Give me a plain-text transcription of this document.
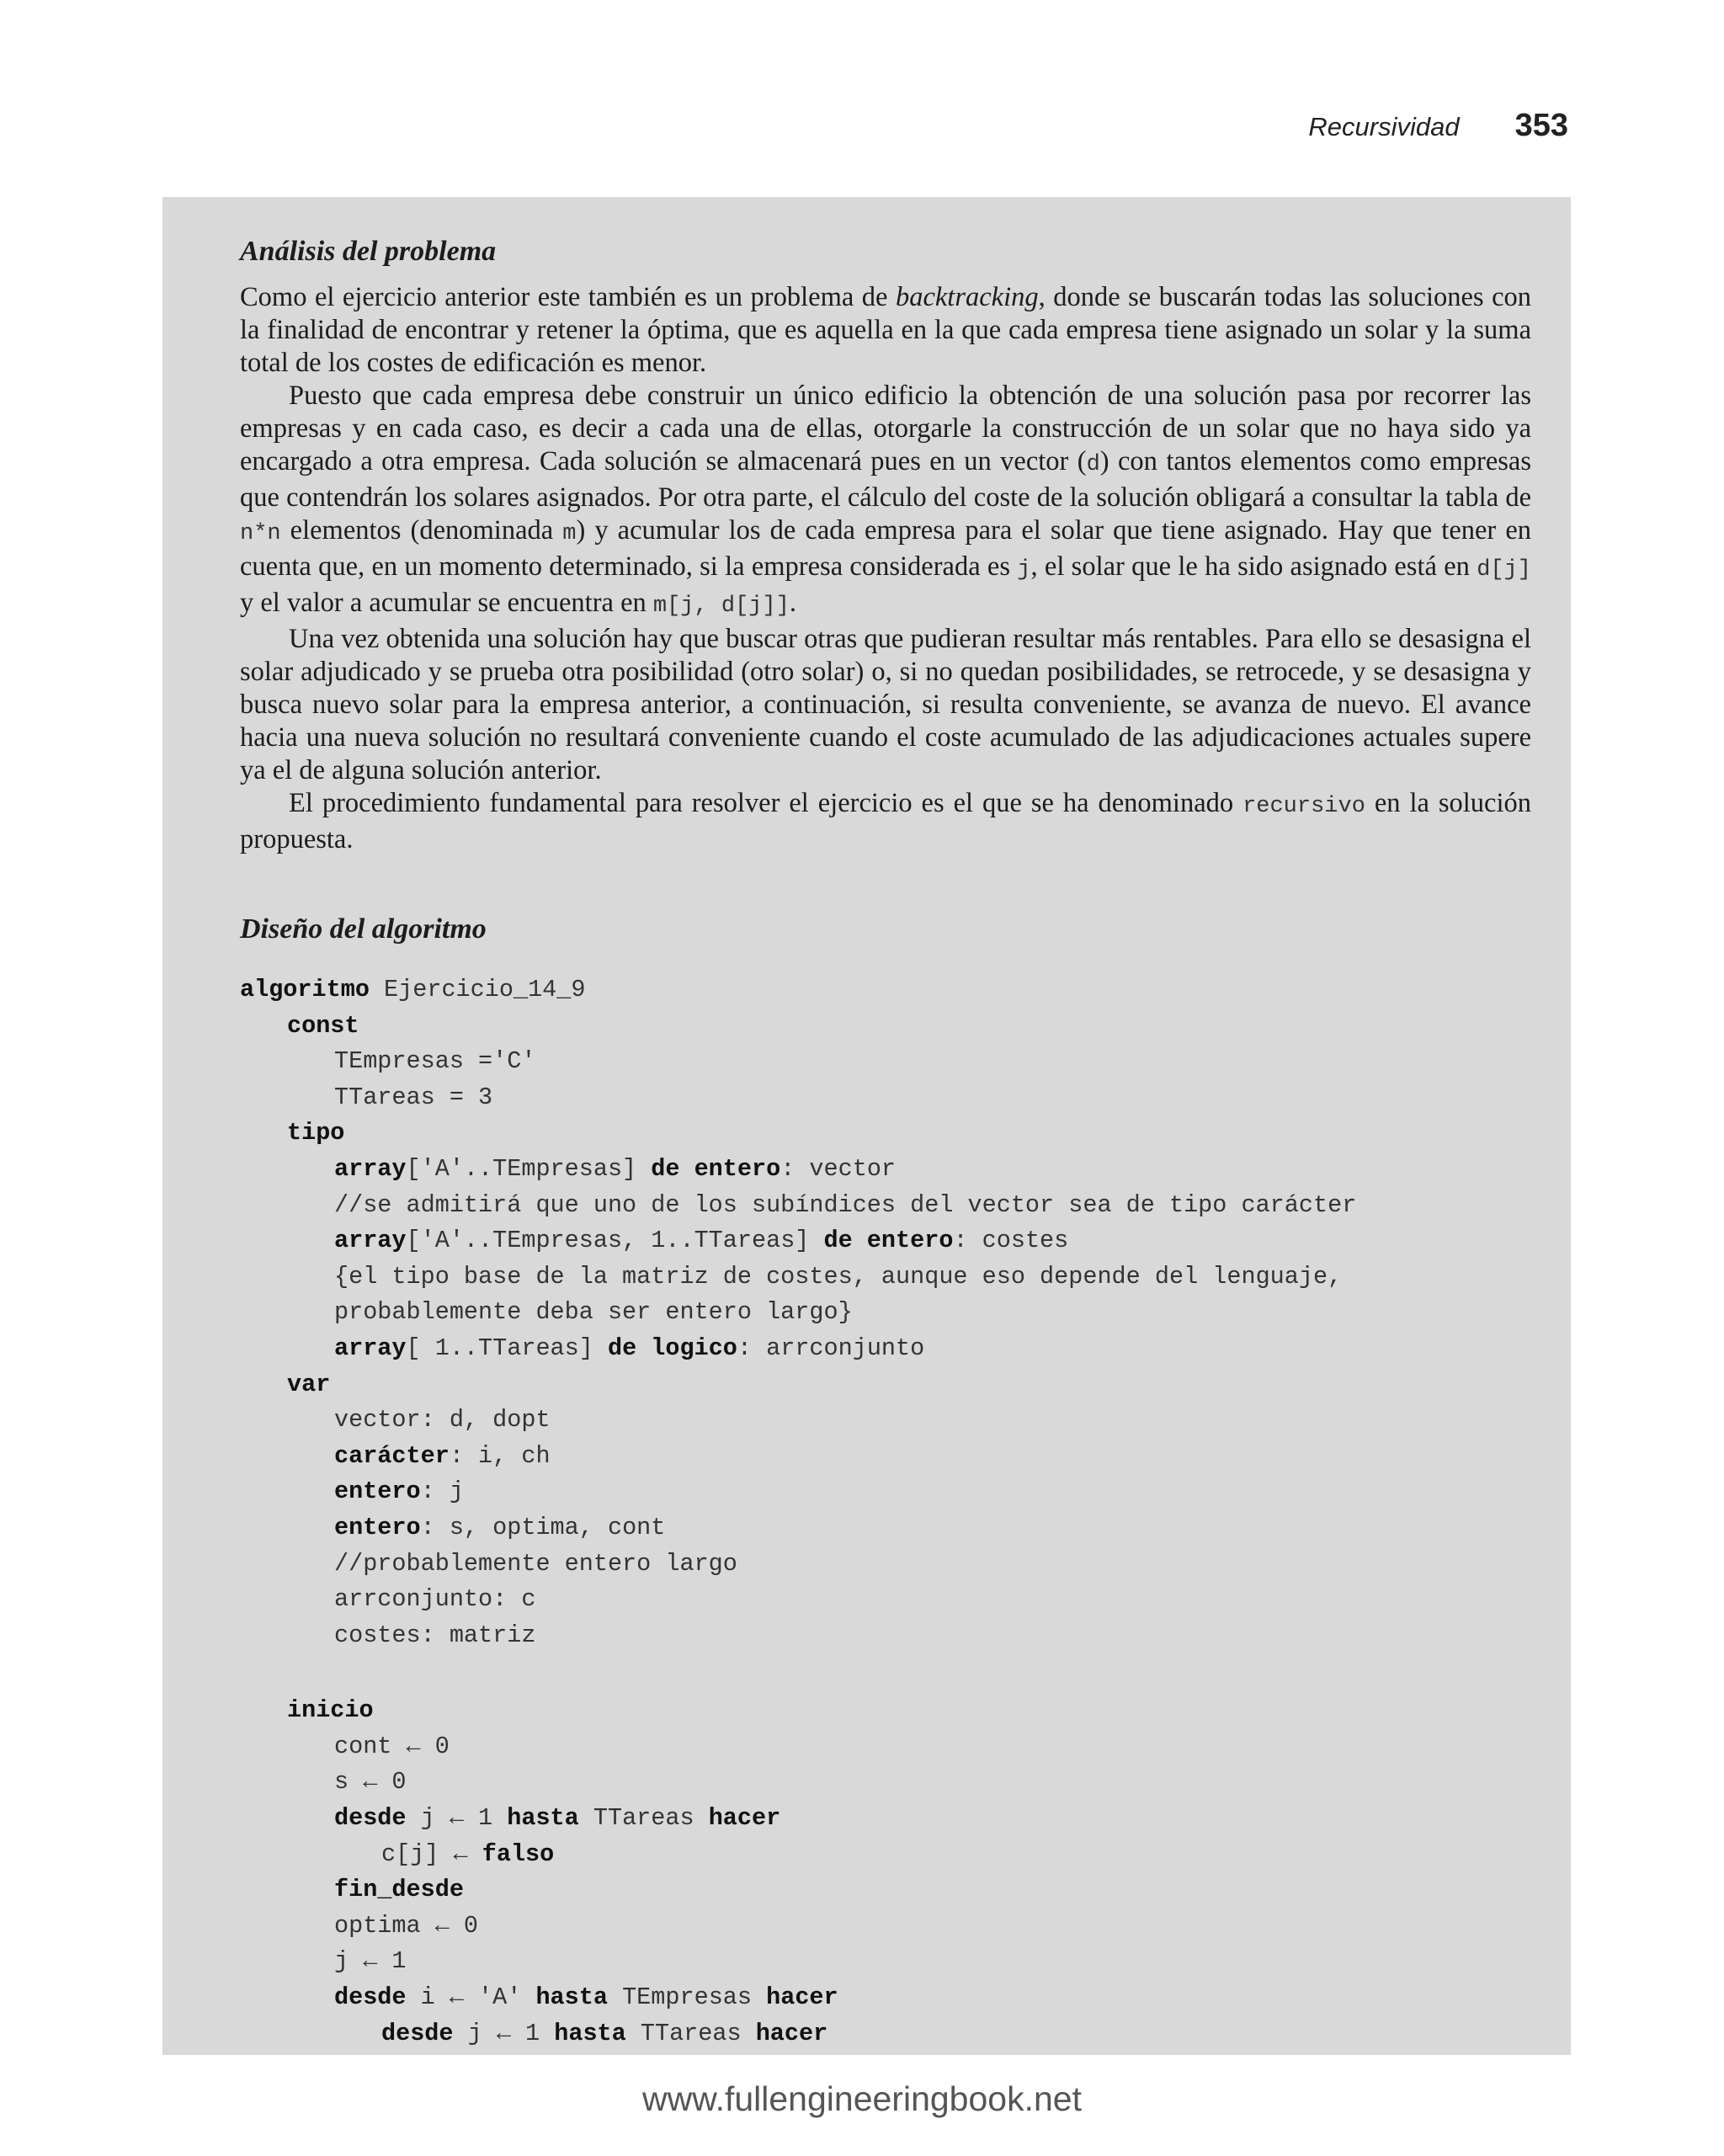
Recursividad 353
Análisis del problema

Como el ejercicio anterior este también es un problema de backtracking, donde se buscarán todas las soluciones con la finalidad de encontrar y retener la óptima, que es aquella en la que cada empresa tiene asignado un solar y la suma total de los costes de edificación es menor.

Puesto que cada empresa debe construir un único edificio la obtención de una solución pasa por recorrer las empresas y en cada caso, es decir a cada una de ellas, otorgarle la construcción de un solar que no haya sido ya encargado a otra empresa. Cada solución se almacenará pues en un vector (d) con tantos elementos como empresas que contendrán los solares asignados. Por otra parte, el cálculo del coste de la solución obligará a consultar la tabla de n*n elementos (denominada m) y acumular los de cada empresa para el solar que tiene asignado. Hay que tener en cuenta que, en un momento determinado, si la empresa considerada es j, el solar que le ha sido asignado está en d[j] y el valor a acumular se encuentra en m[j, d[j]].

Una vez obtenida una solución hay que buscar otras que pudieran resultar más rentables. Para ello se desasigna el solar adjudicado y se prueba otra posibilidad (otro solar) o, si no quedan posibilidades, se retrocede, y se desasigna y busca nuevo solar para la empresa anterior, a continuación, si resulta conveniente, se avanza de nuevo. El avance hacia una nueva solución no resultará conveniente cuando el coste acumulado de las adjudicaciones actuales supere ya el de alguna solución anterior.

El procedimiento fundamental para resolver el ejercicio es el que se ha denominado recursivo en la solución propuesta.

Diseño del algoritmo
algoritmo Ejercicio_14_9
const
TEmpresas ='C'
TTareas = 3
tipo
array['A'..TEmpresas] de entero: vector
//se admitirá que uno de los subíndices del vector sea de tipo carácter
array['A'..TEmpresas, 1..TTareas] de entero: costes
{el tipo base de la matriz de costes, aunque eso depende del lenguaje,
probablemente deba ser entero largo}
array[ 1..TTareas] de logico: arrconjunto
var
vector: d, dopt
carácter: i, ch
entero: j
entero: s, optima, cont
//probablemente entero largo
arrconjunto: c
costes: matriz
inicio
cont ← 0
s ← 0
desde j ← 1 hasta TTareas hacer
c[j] ← falso
fin_desde
optima ← 0
j ← 1
desde i ← 'A' hasta TEmpresas hacer
desde j ← 1 hasta TTareas hacer
www.fullengineeringbook.net
